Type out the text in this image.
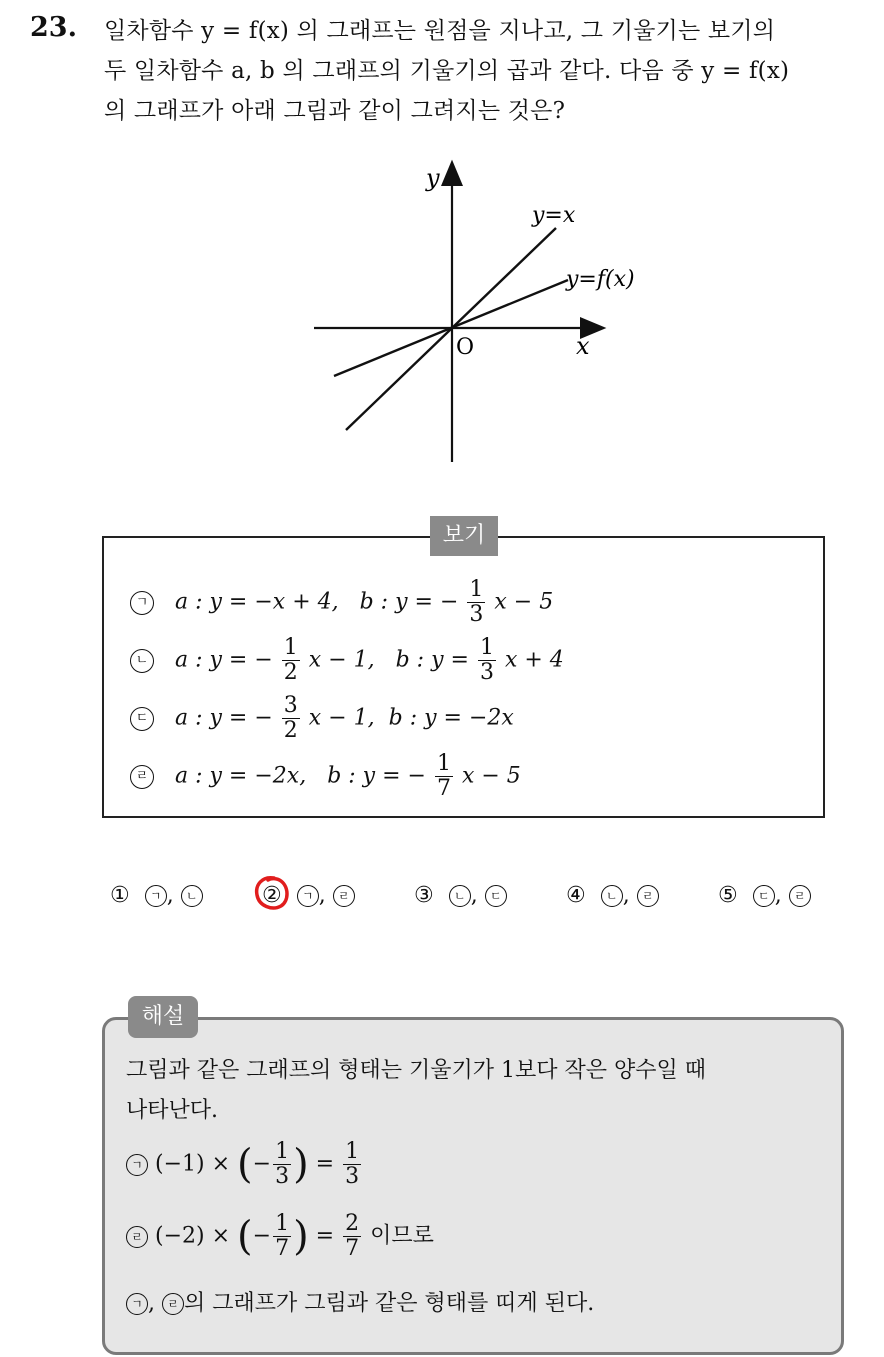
23. 일차함수 y = f(x) 의 그래프는 원점을 지나고, 그 기울기는 보기의
두 일차함수 a, b 의 그래프의 기울기의 곱과 같다. 다음 중 y = f(x)
의 그래프가 아래 그림과 같이 그려지는 것은?
y
x
O
y=x
y=f(x)
보기
ㄱ a : y = −x + 4, b : y = − $\frac{1}{3}$ x − 5
ㄴ a : y = − $\frac{1}{2}$ x − 1, b : $y = \frac{1}{3}$ x + 4
ㄷ a : y = − $\frac{3}{2}$ x − 1, b : y = −2x
ㄹ a : y = −2x, b : y = − $\frac{1}{7}$ x − 5
① ㄱ , ㄴ	② ㄱ , ㄹ	③ ㄴ , ㄷ	④ ㄴ , ㄹ	⑤ ㄷ , ㄹ
해설
그림과 같은 그래프의 형태는 기울기가 1보다 작은 양수일 때
나타난다.
ㄱ (−1) × (− $\frac{1}{3}$ ) = $\frac{1}{3}$
ㄹ (−2) × (− $\frac{1}{7}$ ) = $\frac{2}{7}$ 이므로
ㄱ , ㄹ 의 그래프가 그림과 같은 형태를 띠게 된다.
